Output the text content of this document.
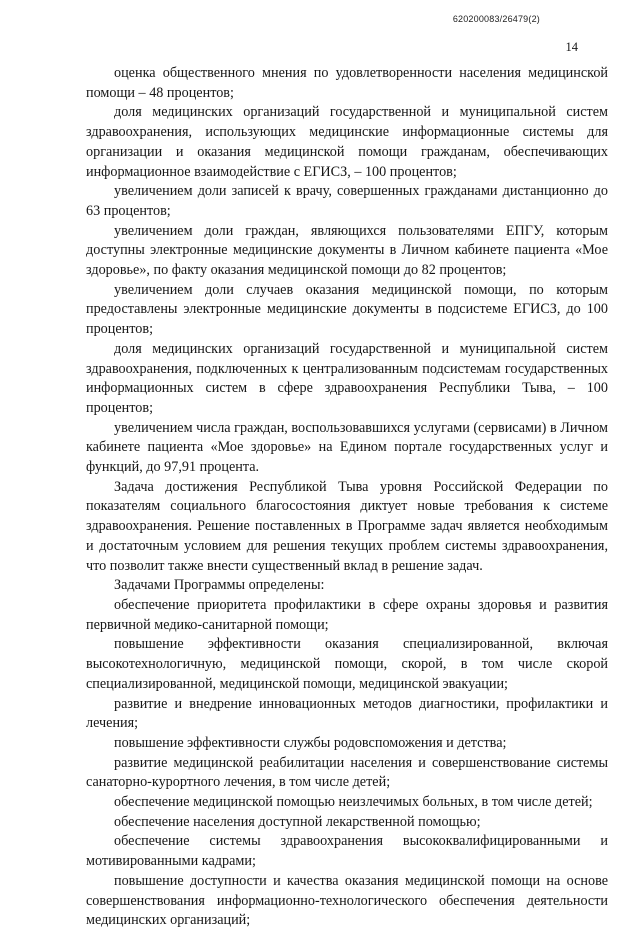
620200083/26479(2)
14

оценка общественного мнения по удовлетворенности населения медицинской помощи – 48 процентов;

доля медицинских организаций государственной и муниципальной систем здравоохранения, использующих медицинские информационные системы для организации и оказания медицинской помощи гражданам, обеспечивающих информационное взаимодействие с ЕГИСЗ, – 100 процентов;

увеличением доли записей к врачу, совершенных гражданами дистанционно до 63 процентов;

увеличением доли граждан, являющихся пользователями ЕПГУ, которым доступны электронные медицинские документы в Личном кабинете пациента «Мое здоровье», по факту оказания медицинской помощи до 82 процентов;

увеличением доли случаев оказания медицинской помощи, по которым предоставлены электронные медицинские документы в подсистеме ЕГИСЗ, до 100 процентов;

доля медицинских организаций государственной и муниципальной систем здравоохранения, подключенных к централизованным подсистемам государственных информационных систем в сфере здравоохранения Республики Тыва, – 100 процентов;

увеличением числа граждан, воспользовавшихся услугами (сервисами) в Личном кабинете пациента «Мое здоровье» на Едином портале государственных услуг и функций, до 97,91 процента.

Задача достижения Республикой Тыва уровня Российской Федерации по показателям социального благосостояния диктует новые требования к системе здравоохранения. Решение поставленных в Программе задач является необходимым и достаточным условием для решения текущих проблем системы здравоохранения, что позволит также внести существенный вклад в решение задач.

Задачами Программы определены:

обеспечение приоритета профилактики в сфере охраны здоровья и развития первичной медико-санитарной помощи;

повышение эффективности оказания специализированной, включая высокотехнологичную, медицинской помощи, скорой, в том числе скорой специализированной, медицинской помощи, медицинской эвакуации;

развитие и внедрение инновационных методов диагностики, профилактики и лечения;

повышение эффективности службы родовспоможения и детства;

развитие медицинской реабилитации населения и совершенствование системы санаторно-курортного лечения, в том числе детей;

обеспечение медицинской помощью неизлечимых больных, в том числе детей;

обеспечение населения доступной лекарственной помощью;

обеспечение системы здравоохранения высококвалифицированными и мотивированными кадрами;

повышение доступности и качества оказания медицинской помощи на основе совершенствования информационно-технологического обеспечения деятельности медицинских организаций;
